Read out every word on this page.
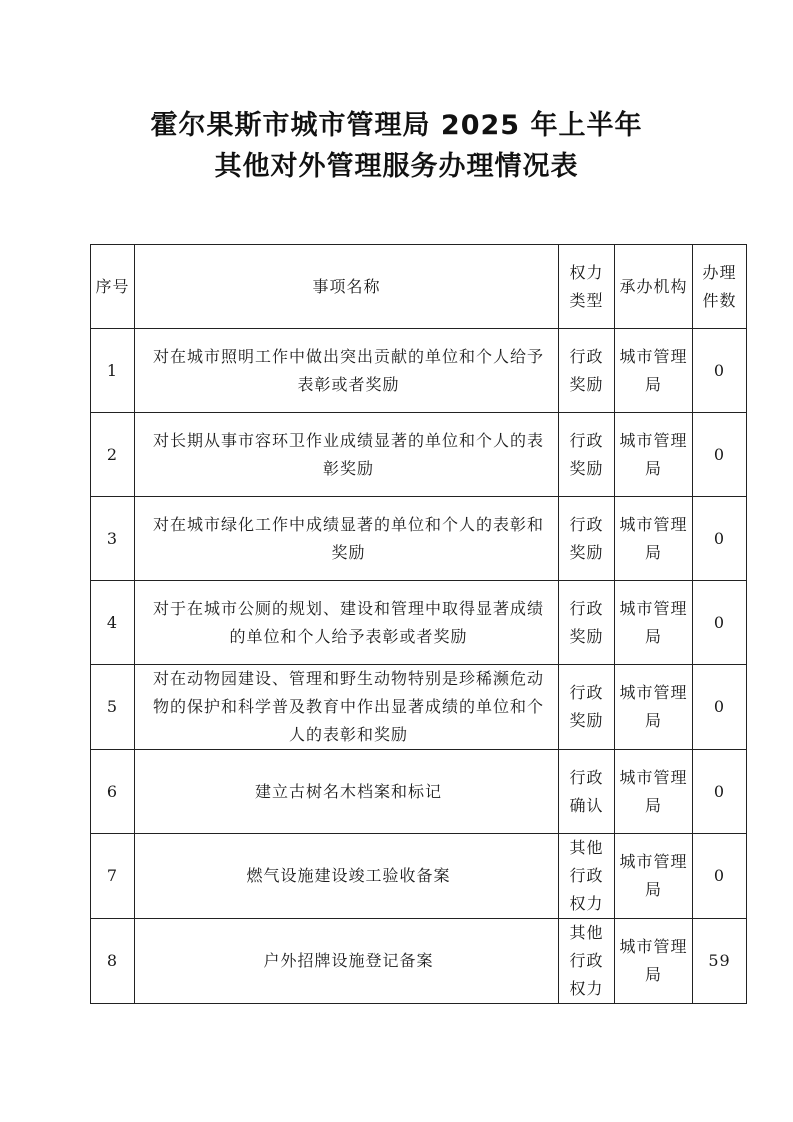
霍尔果斯市城市管理局 2025 年上半年
其他对外管理服务办理情况表
序号	事项名称	权力类型	承办机构	办理件数
1	对在城市照明工作中做出突出贡献的单位和个人给予表彰或者奖励	行政奖励	城市管理局	0
2	对长期从事市容环卫作业成绩显著的单位和个人的表彰奖励	行政奖励	城市管理局	0
3	对在城市绿化工作中成绩显著的单位和个人的表彰和奖励	行政奖励	城市管理局	0
4	对于在城市公厕的规划、建设和管理中取得显著成绩的单位和个人给予表彰或者奖励	行政奖励	城市管理局	0
5	对在动物园建设、管理和野生动物特别是珍稀濒危动物的保护和科学普及教育中作出显著成绩的单位和个人的表彰和奖励	行政奖励	城市管理局	0
6	建立古树名木档案和标记	行政确认	城市管理局	0
7	燃气设施建设竣工验收备案	其他行政权力	城市管理局	0
8	户外招牌设施登记备案	其他行政权力	城市管理局	59
